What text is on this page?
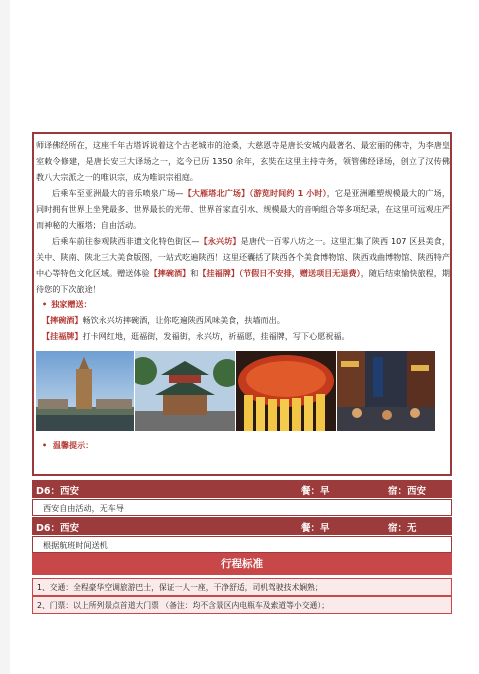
师译佛经所在，这座千年古塔诉说着这个古老城市的沧桑，大慈恩寺是唐长安城内最著名、最宏丽的佛寺，为李唐皇室敕令修建，是唐长安三大译场之一，迄今已历 1350 余年，玄奘在这里主持寺务，领管佛经译场，创立了汉传佛教八大宗派之一的唯识宗，成为唯识宗祖庭。

后乘车至亚洲最大的音乐喷泉广场—【大雁塔北广场】（游览时间约 1 小时），它是亚洲雕塑规模最大的广场，同时拥有世界上坐凳最多、世界最长的光带、世界首家直引水、规模最大的音响组合等多项纪录，在这里可远观庄严而神秘的大雁塔；自由活动。

后乘车前往参观陕西非遗文化特色街区—【永兴坊】是唐代一百零八坊之一。这里汇集了陕西 107 区县美食，关中、陕南、陕北三大美食版图，一站式吃遍陕西！这里还囊括了陕西各个美食博物馆、陕西戏曲博物馆、陕西特产中心等特色文化区域。赠送体验【摔碗酒】和【挂福牌】（节假日不安排，赠送项目无退费），随后结束愉快旅程，期待您的下次旅途！

• 独家赠送：

【摔碗酒】畅饮永兴坊摔碗酒，让你吃遍陕西风味美食，扶墙而出。

【挂福牌】打卡网红地，逛福街，发福街，永兴坊，祈福愿，挂福牌，写下心愿祝福。

•  温馨提示：
D6：西安	餐：早	宿：西安
西安自由活动，无车导
D6：西安	餐：早	宿：无
根据航班时间送机
行程标准
1、交通：全程豪华空调旅游巴士，保证一人一座，干净舒适，司机驾驶技术娴熟；
2、门票：以上所列景点首道大门票 （备注：均不含景区内电瓶车及索道等小交通）；
